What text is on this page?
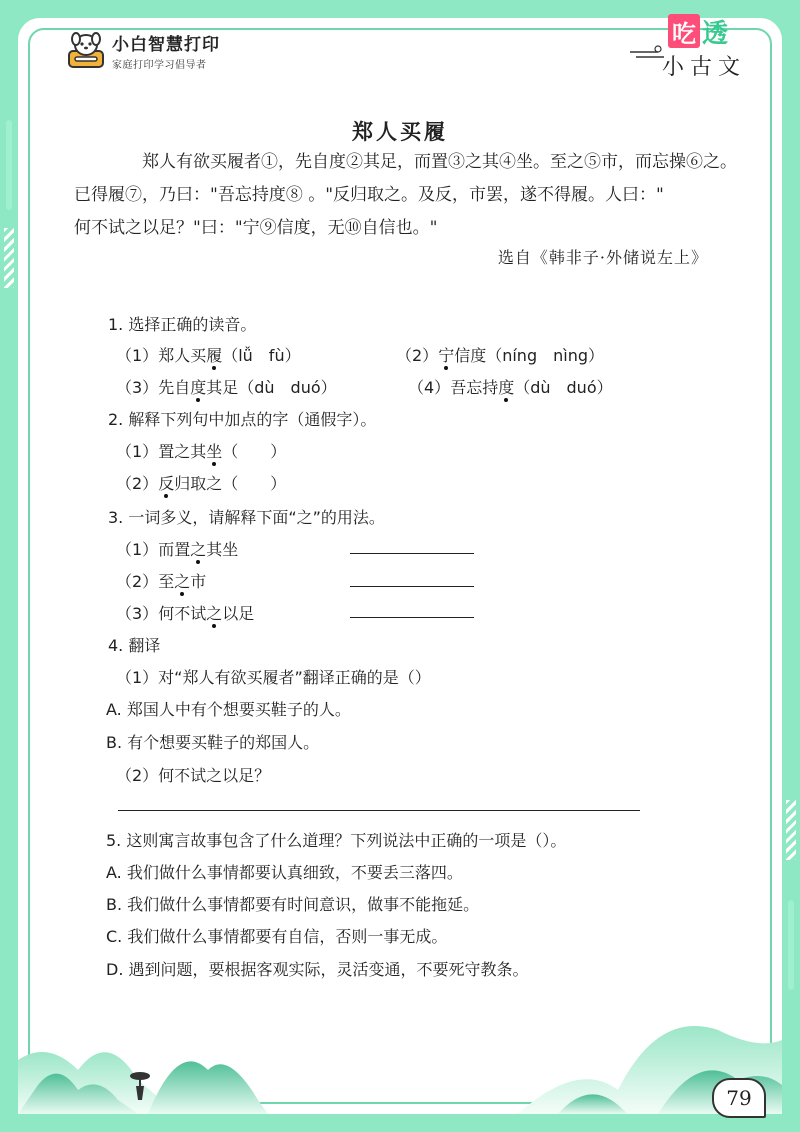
小白智慧打印
家庭打印学习倡导者
吃 透
小古文
郑人买履

郑人有欲买履者①，先自度②其足，而置③之其④坐。至之⑤市，而忘操⑥之。

已得履⑦，乃曰："吾忘持度⑧ 。"反归取之。及反，市罢，遂不得履。人曰："

何不试之以足？"曰："宁⑨信度，无⑩自信也。"

选自《韩非子·外储说左上》
1. 选择正确的读音。
（1）郑人买履（lǚ　fù）	（2）宁信度（níng　nìng）
（3）先自度其足（dù　duó）	（4）吾忘持度（dù　duó）
2. 解释下列句中加点的字（通假字）。
（1）置之其坐（　　）
（2）反归取之（　　）
3. 一词多义，请解释下面“之”的用法。
（1）而置之其坐
（2）至之市
（3）何不试之以足
4. 翻译
（1）对“郑人有欲买履者”翻译正确的是（）
A. 郑国人中有个想要买鞋子的人。
B. 有个想要买鞋子的郑国人。
（2）何不试之以足？
5. 这则寓言故事包含了什么道理？下列说法中正确的一项是（）。
A. 我们做什么事情都要认真细致，不要丢三落四。
B. 我们做什么事情都要有时间意识，做事不能拖延。
C. 我们做什么事情都要有自信，否则一事无成。
D. 遇到问题，要根据客观实际，灵活变通，不要死守教条。
79
